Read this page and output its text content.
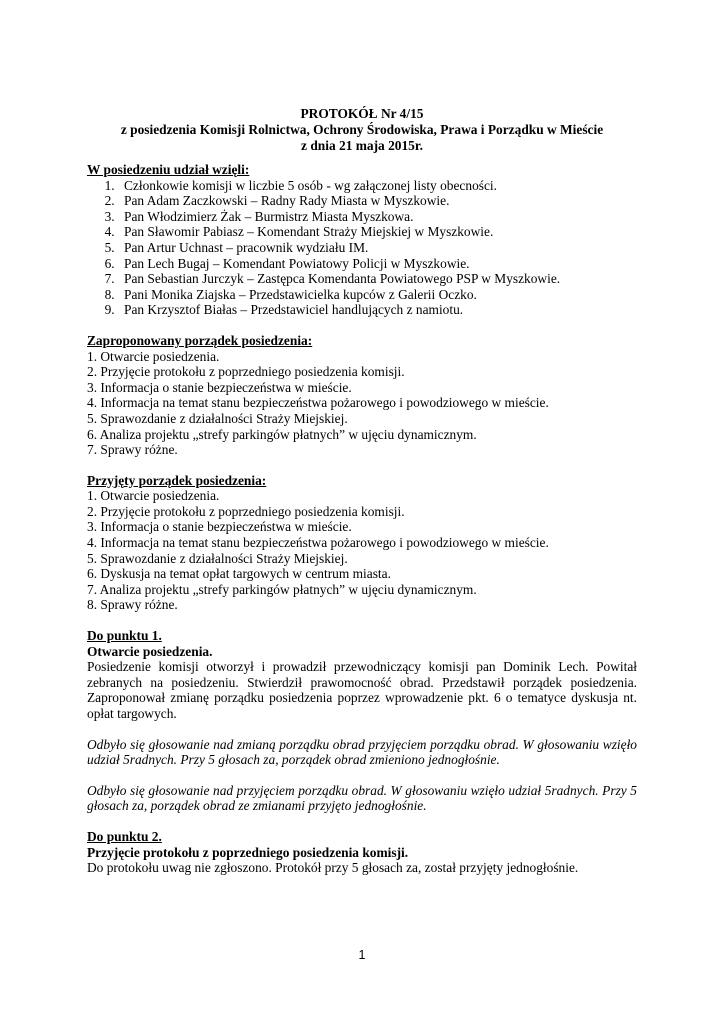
PROTOKÓŁ Nr 4/15
z posiedzenia Komisji Rolnictwa, Ochrony Środowiska, Prawa i Porządku w Mieście
z dnia 21 maja 2015r.
W posiedzeniu udział wzięli:
1. Członkowie komisji w liczbie 5 osób - wg załączonej listy obecności.
2. Pan Adam Zaczkowski – Radny Rady Miasta w Myszkowie.
3. Pan Włodzimierz Żak – Burmistrz Miasta Myszkowa.
4. Pan Sławomir Pabiasz – Komendant Straży Miejskiej w Myszkowie.
5. Pan Artur Uchnast – pracownik wydziału IM.
6. Pan Lech Bugaj – Komendant Powiatowy Policji w Myszkowie.
7. Pan Sebastian Jurczyk – Zastępca Komendanta Powiatowego PSP w Myszkowie.
8. Pani Monika Ziajska – Przedstawicielka kupców z Galerii Oczko.
9. Pan Krzysztof Białas – Przedstawiciel handlujących z namiotu.
Zaproponowany porządek posiedzenia:
1. Otwarcie posiedzenia.
2. Przyjęcie protokołu z poprzedniego posiedzenia komisji.
3. Informacja o stanie bezpieczeństwa w mieście.
4. Informacja na temat stanu bezpieczeństwa pożarowego i powodziowego w mieście.
5. Sprawozdanie z działalności Straży Miejskiej.
6. Analiza projektu „strefy parkingów płatnych” w ujęciu dynamicznym.
7. Sprawy różne.
Przyjęty porządek posiedzenia:
1. Otwarcie posiedzenia.
2. Przyjęcie protokołu z poprzedniego posiedzenia komisji.
3. Informacja o stanie bezpieczeństwa w mieście.
4. Informacja na temat stanu bezpieczeństwa pożarowego i powodziowego w mieście.
5. Sprawozdanie z działalności Straży Miejskiej.
6. Dyskusja na temat opłat targowych w centrum miasta.
7. Analiza projektu „strefy parkingów płatnych” w ujęciu dynamicznym.
8. Sprawy różne.
Do punktu 1.
Otwarcie posiedzenia.
Posiedzenie komisji otworzył i prowadził przewodniczący komisji pan Dominik Lech. Powitał zebranych na posiedzeniu. Stwierdził prawomocność obrad. Przedstawił porządek posiedzenia. Zaproponował zmianę porządku posiedzenia poprzez wprowadzenie pkt. 6 o tematyce dyskusja nt. opłat targowych.
Odbyło się głosowanie nad zmianą porządku obrad przyjęciem porządku obrad. W głosowaniu wzięło udział 5radnych. Przy 5 głosach za, porządek obrad zmieniono jednogłośnie.
Odbyło się głosowanie nad przyjęciem porządku obrad. W głosowaniu wzięło udział 5radnych. Przy 5 głosach za, porządek obrad ze zmianami przyjęto jednogłośnie.
Do punktu 2.
Przyjęcie protokołu z poprzedniego posiedzenia komisji.
Do protokołu uwag nie zgłoszono. Protokół przy 5 głosach za, został przyjęty jednogłośnie.
1
